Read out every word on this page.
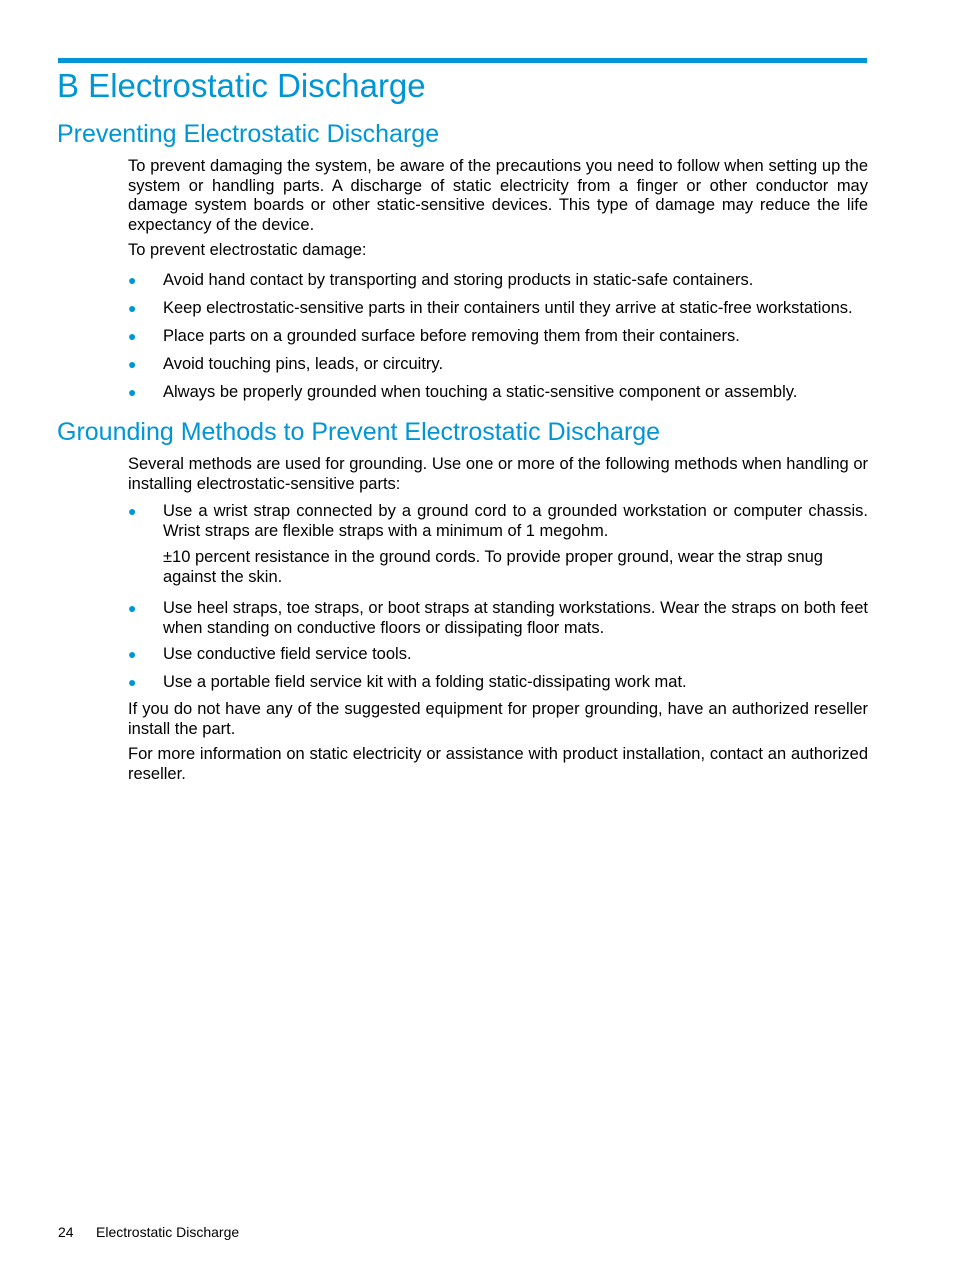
B Electrostatic Discharge
Preventing Electrostatic Discharge

To prevent damaging the system, be aware of the precautions you need to follow when setting up the system or handling parts. A discharge of static electricity from a finger or other conductor may damage system boards or other static-sensitive devices. This type of damage may reduce the life expectancy of the device.

To prevent electrostatic damage:

● Avoid hand contact by transporting and storing products in static-safe containers.

● Keep electrostatic-sensitive parts in their containers until they arrive at static-free workstations.

● Place parts on a grounded surface before removing them from their containers.

● Avoid touching pins, leads, or circuitry.

● Always be properly grounded when touching a static-sensitive component or assembly.

Grounding Methods to Prevent Electrostatic Discharge

Several methods are used for grounding. Use one or more of the following methods when handling or installing electrostatic-sensitive parts:

● Use a wrist strap connected by a ground cord to a grounded workstation or computer chassis. Wrist straps are flexible straps with a minimum of 1 megohm.

±10 percent resistance in the ground cords. To provide proper ground, wear the strap snug against the skin.

● Use heel straps, toe straps, or boot straps at standing workstations. Wear the straps on both feet when standing on conductive floors or dissipating floor mats.

● Use conductive field service tools.

● Use a portable field service kit with a folding static-dissipating work mat.

If you do not have any of the suggested equipment for proper grounding, have an authorized reseller install the part.

For more information on static electricity or assistance with product installation, contact an authorized reseller.

24 Electrostatic Discharge
